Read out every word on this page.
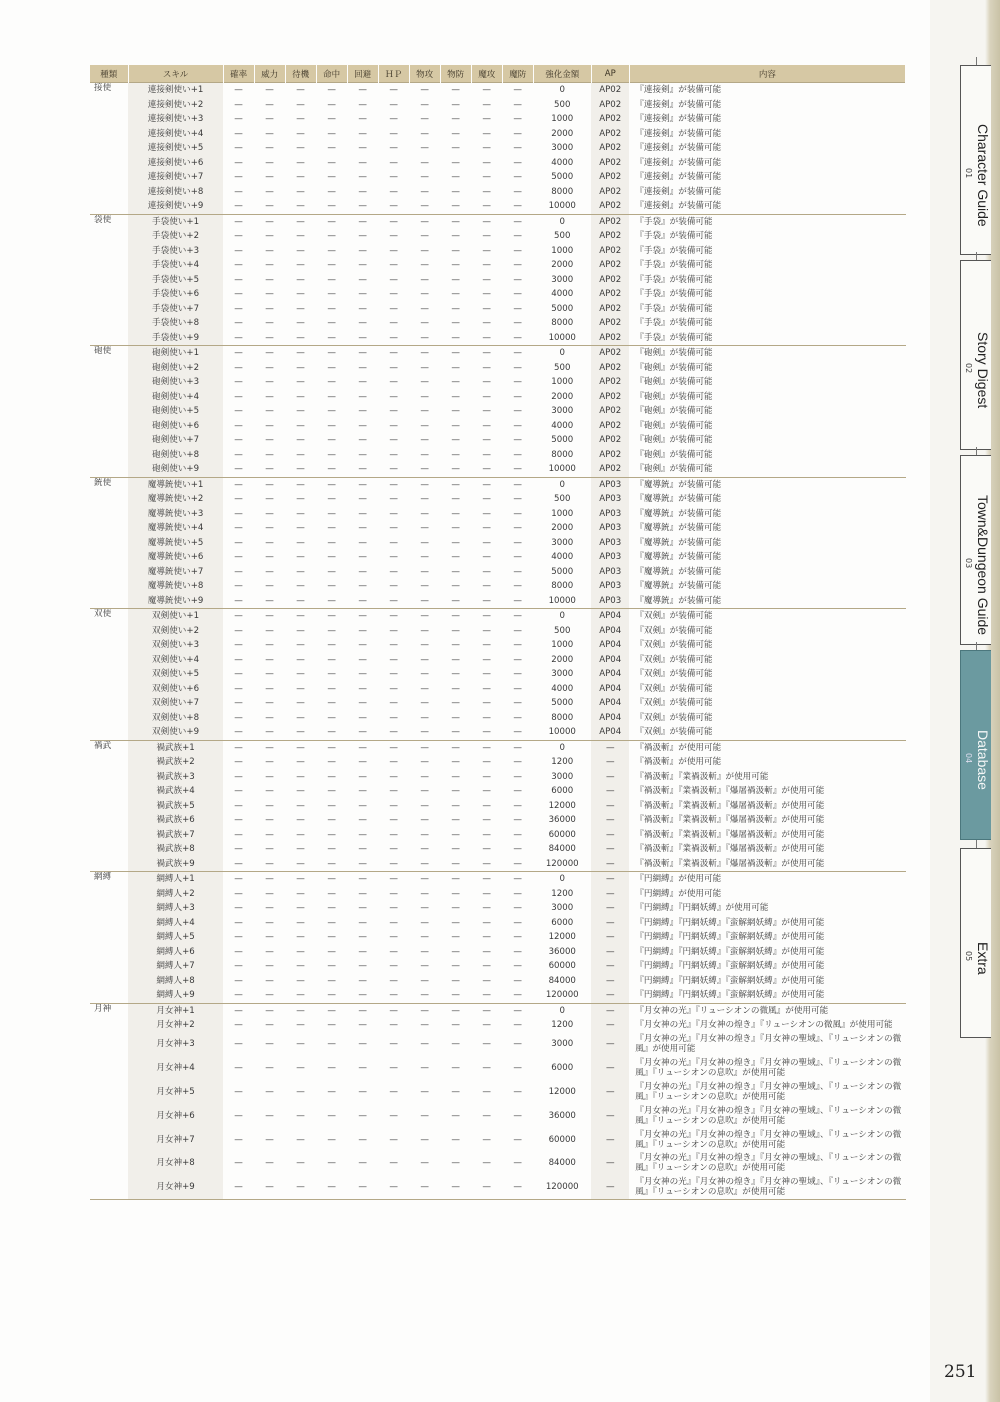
種類	スキル	確率	威力	待機	命中	回避	ＨＰ	物攻	物防	魔攻	魔防	強化金額	AP	内容
接使	連接剣使い+1	—	—	—	—	—	—	—	—	—	—	0	AP02	『連接剣』が装備可能
	連接剣使い+2	—	—	—	—	—	—	—	—	—	—	500	AP02	『連接剣』が装備可能
	連接剣使い+3	—	—	—	—	—	—	—	—	—	—	1000	AP02	『連接剣』が装備可能
	連接剣使い+4	—	—	—	—	—	—	—	—	—	—	2000	AP02	『連接剣』が装備可能
	連接剣使い+5	—	—	—	—	—	—	—	—	—	—	3000	AP02	『連接剣』が装備可能
	連接剣使い+6	—	—	—	—	—	—	—	—	—	—	4000	AP02	『連接剣』が装備可能
	連接剣使い+7	—	—	—	—	—	—	—	—	—	—	5000	AP02	『連接剣』が装備可能
	連接剣使い+8	—	—	—	—	—	—	—	—	—	—	8000	AP02	『連接剣』が装備可能
	連接剣使い+9	—	—	—	—	—	—	—	—	—	—	10000	AP02	『連接剣』が装備可能
袋使	手袋使い+1	—	—	—	—	—	—	—	—	—	—	0	AP02	『手袋』が装備可能
	手袋使い+2	—	—	—	—	—	—	—	—	—	—	500	AP02	『手袋』が装備可能
	手袋使い+3	—	—	—	—	—	—	—	—	—	—	1000	AP02	『手袋』が装備可能
	手袋使い+4	—	—	—	—	—	—	—	—	—	—	2000	AP02	『手袋』が装備可能
	手袋使い+5	—	—	—	—	—	—	—	—	—	—	3000	AP02	『手袋』が装備可能
	手袋使い+6	—	—	—	—	—	—	—	—	—	—	4000	AP02	『手袋』が装備可能
	手袋使い+7	—	—	—	—	—	—	—	—	—	—	5000	AP02	『手袋』が装備可能
	手袋使い+8	—	—	—	—	—	—	—	—	—	—	8000	AP02	『手袋』が装備可能
	手袋使い+9	—	—	—	—	—	—	—	—	—	—	10000	AP02	『手袋』が装備可能
砲使	砲剣使い+1	—	—	—	—	—	—	—	—	—	—	0	AP02	『砲剣』が装備可能
	砲剣使い+2	—	—	—	—	—	—	—	—	—	—	500	AP02	『砲剣』が装備可能
	砲剣使い+3	—	—	—	—	—	—	—	—	—	—	1000	AP02	『砲剣』が装備可能
	砲剣使い+4	—	—	—	—	—	—	—	—	—	—	2000	AP02	『砲剣』が装備可能
	砲剣使い+5	—	—	—	—	—	—	—	—	—	—	3000	AP02	『砲剣』が装備可能
	砲剣使い+6	—	—	—	—	—	—	—	—	—	—	4000	AP02	『砲剣』が装備可能
	砲剣使い+7	—	—	—	—	—	—	—	—	—	—	5000	AP02	『砲剣』が装備可能
	砲剣使い+8	—	—	—	—	—	—	—	—	—	—	8000	AP02	『砲剣』が装備可能
	砲剣使い+9	—	—	—	—	—	—	—	—	—	—	10000	AP02	『砲剣』が装備可能
銃使	魔導銃使い+1	—	—	—	—	—	—	—	—	—	—	0	AP03	『魔導銃』が装備可能
	魔導銃使い+2	—	—	—	—	—	—	—	—	—	—	500	AP03	『魔導銃』が装備可能
	魔導銃使い+3	—	—	—	—	—	—	—	—	—	—	1000	AP03	『魔導銃』が装備可能
	魔導銃使い+4	—	—	—	—	—	—	—	—	—	—	2000	AP03	『魔導銃』が装備可能
	魔導銃使い+5	—	—	—	—	—	—	—	—	—	—	3000	AP03	『魔導銃』が装備可能
	魔導銃使い+6	—	—	—	—	—	—	—	—	—	—	4000	AP03	『魔導銃』が装備可能
	魔導銃使い+7	—	—	—	—	—	—	—	—	—	—	5000	AP03	『魔導銃』が装備可能
	魔導銃使い+8	—	—	—	—	—	—	—	—	—	—	8000	AP03	『魔導銃』が装備可能
	魔導銃使い+9	—	—	—	—	—	—	—	—	—	—	10000	AP03	『魔導銃』が装備可能
双使	双剣使い+1	—	—	—	—	—	—	—	—	—	—	0	AP04	『双剣』が装備可能
	双剣使い+2	—	—	—	—	—	—	—	—	—	—	500	AP04	『双剣』が装備可能
	双剣使い+3	—	—	—	—	—	—	—	—	—	—	1000	AP04	『双剣』が装備可能
	双剣使い+4	—	—	—	—	—	—	—	—	—	—	2000	AP04	『双剣』が装備可能
	双剣使い+5	—	—	—	—	—	—	—	—	—	—	3000	AP04	『双剣』が装備可能
	双剣使い+6	—	—	—	—	—	—	—	—	—	—	4000	AP04	『双剣』が装備可能
	双剣使い+7	—	—	—	—	—	—	—	—	—	—	5000	AP04	『双剣』が装備可能
	双剣使い+8	—	—	—	—	—	—	—	—	—	—	8000	AP04	『双剣』が装備可能
	双剣使い+9	—	—	—	—	—	—	—	—	—	—	10000	AP04	『双剣』が装備可能
禍武	禍武族+1	—	—	—	—	—	—	—	—	—	—	0	—	『禍汲斬』が使用可能
	禍武族+2	—	—	—	—	—	—	—	—	—	—	1200	—	『禍汲斬』が使用可能
	禍武族+3	—	—	—	—	—	—	—	—	—	—	3000	—	『禍汲斬』『業禍汲斬』が使用可能
	禍武族+4	—	—	—	—	—	—	—	—	—	—	6000	—	『禍汲斬』『業禍汲斬』『爆屠禍汲斬』が使用可能
	禍武族+5	—	—	—	—	—	—	—	—	—	—	12000	—	『禍汲斬』『業禍汲斬』『爆屠禍汲斬』が使用可能
	禍武族+6	—	—	—	—	—	—	—	—	—	—	36000	—	『禍汲斬』『業禍汲斬』『爆屠禍汲斬』が使用可能
	禍武族+7	—	—	—	—	—	—	—	—	—	—	60000	—	『禍汲斬』『業禍汲斬』『爆屠禍汲斬』が使用可能
	禍武族+8	—	—	—	—	—	—	—	—	—	—	84000	—	『禍汲斬』『業禍汲斬』『爆屠禍汲斬』が使用可能
	禍武族+9	—	—	—	—	—	—	—	—	—	—	120000	—	『禍汲斬』『業禍汲斬』『爆屠禍汲斬』が使用可能
網縛	網縛人+1	—	—	—	—	—	—	—	—	—	—	0	—	『円網縛』が使用可能
	網縛人+2	—	—	—	—	—	—	—	—	—	—	1200	—	『円網縛』が使用可能
	網縛人+3	—	—	—	—	—	—	—	—	—	—	3000	—	『円網縛』『円網妖縛』が使用可能
	網縛人+4	—	—	—	—	—	—	—	—	—	—	6000	—	『円網縛』『円網妖縛』『蛮解網妖縛』が使用可能
	網縛人+5	—	—	—	—	—	—	—	—	—	—	12000	—	『円網縛』『円網妖縛』『蛮解網妖縛』が使用可能
	網縛人+6	—	—	—	—	—	—	—	—	—	—	36000	—	『円網縛』『円網妖縛』『蛮解網妖縛』が使用可能
	網縛人+7	—	—	—	—	—	—	—	—	—	—	60000	—	『円網縛』『円網妖縛』『蛮解網妖縛』が使用可能
	網縛人+8	—	—	—	—	—	—	—	—	—	—	84000	—	『円網縛』『円網妖縛』『蛮解網妖縛』が使用可能
	網縛人+9	—	—	—	—	—	—	—	—	—	—	120000	—	『円網縛』『円網妖縛』『蛮解網妖縛』が使用可能
月神	月女神+1	—	—	—	—	—	—	—	—	—	—	0	—	『月女神の光』『リューシオンの微風』が使用可能
	月女神+2	—	—	—	—	—	—	—	—	—	—	1200	—	『月女神の光』『月女神の煌き』『リューシオンの微風』が使用可能
	月女神+3	—	—	—	—	—	—	—	—	—	—	3000	—	『月女神の光』『月女神の煌き』『月女神の聖域』、『リューシオンの微風』が使用可能
	月女神+4	—	—	—	—	—	—	—	—	—	—	6000	—	『月女神の光』『月女神の煌き』『月女神の聖域』、『リューシオンの微風』『リューシオンの息吹』が使用可能
	月女神+5	—	—	—	—	—	—	—	—	—	—	12000	—	『月女神の光』『月女神の煌き』『月女神の聖域』、『リューシオンの微風』『リューシオンの息吹』が使用可能
	月女神+6	—	—	—	—	—	—	—	—	—	—	36000	—	『月女神の光』『月女神の煌き』『月女神の聖域』、『リューシオンの微風』『リューシオンの息吹』が使用可能
	月女神+7	—	—	—	—	—	—	—	—	—	—	60000	—	『月女神の光』『月女神の煌き』『月女神の聖域』、『リューシオンの微風』『リューシオンの息吹』が使用可能
	月女神+8	—	—	—	—	—	—	—	—	—	—	84000	—	『月女神の光』『月女神の煌き』『月女神の聖域』、『リューシオンの微風』『リューシオンの息吹』が使用可能
	月女神+9	—	—	—	—	—	—	—	—	—	—	120000	—	『月女神の光』『月女神の煌き』『月女神の聖域』、『リューシオンの微風』『リューシオンの息吹』が使用可能
Character Guide
01
Story Digest
02
Town&Dungeon Guide
03
Database
04
Extra
05
251
